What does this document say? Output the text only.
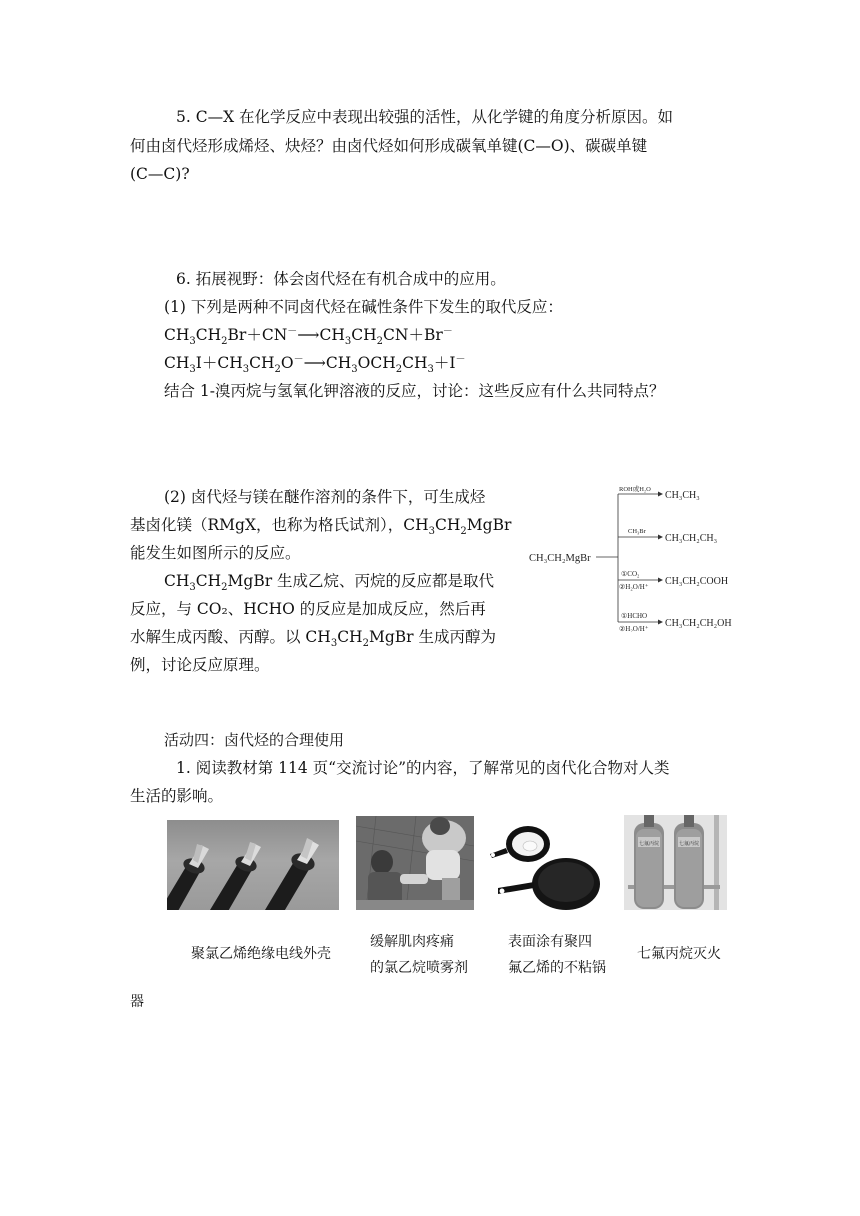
5. C—X 在化学反应中表现出较强的活性，从化学键的角度分析原因。如
何由卤代烃形成烯烃、炔烃？由卤代烃如何形成碳氧单键(C—O)、碳碳单键
(C—C)?
6. 拓展视野：体会卤代烃在有机合成中的应用。
(1) 下列是两种不同卤代烃在碱性条件下发生的取代反应：
$CH_3CH_2Br+CN^-⟶CH_3CH_2CN+Br^-$
$CH_3I+CH_3CH_2O^-⟶CH_3OCH_2CH_3+I^-$
结合 1-溴丙烷与氢氧化钾溶液的反应，讨论：这些反应有什么共同特点？
(2) 卤代烃与镁在醚作溶剂的条件下，可生成烃
基卤化镁（RMgX，也称为格氏试剂），$CH_3CH_2MgBr$
能发生如图所示的反应。
$CH_3CH_2MgBr$ 生成乙烷、丙烷的反应都是取代
反应，与 CO₂、HCHO 的反应是加成反应，然后再
水解生成丙酸、丙醇。以 $CH_3CH_2MgBr$ 生成丙醇为
例，讨论反应原理。
CH₃CH₂MgBr
ROH或H₂O
CH₃CH₃
CH₃Br
CH₃CH₂CH₃
①CO₂
②H₂O/H⁺ CH₃CH₂COOH
①HCHO
②H₂O/H⁺ CH₃CH₂CH₂OH
活动四：卤代烃的合理使用
1. 阅读教材第 114 页“交流讨论”的内容，了解常见的卤代化合物对人类
生活的影响。
七氟丙烷	七氟丙烷
聚氯乙烯绝缘电线外壳
缓解肌肉疼痛
的氯乙烷喷雾剂
表面涂有聚四
氟乙烯的不粘锅
七氟丙烷灭火
器
